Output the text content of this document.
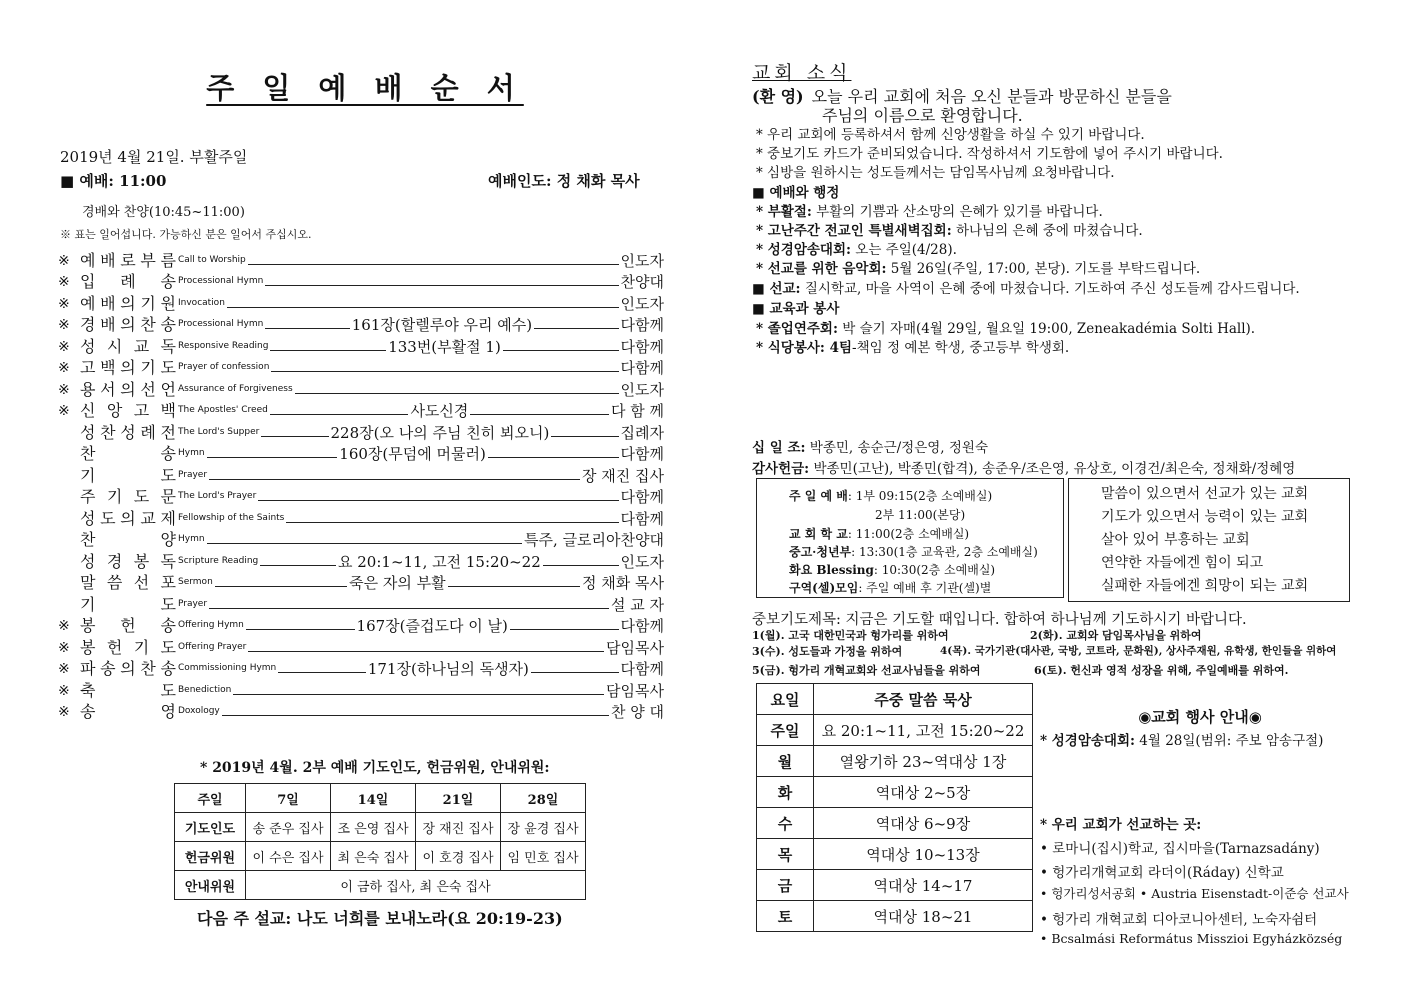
주 일 예 배 순 서
2019년 4월 21일. 부활주일
■ 예배: 11:00	예배인도: 정 채화 목사
경배와 찬양(10:45~11:00)
※ 표는 일어섭니다. 가능하신 분은 일어서 주십시오.
※ 예 배 로 부 름 Call to Worship	인도자
※ 입 례 송 Processional Hymn	찬양대
※ 예 배 의 기 원 Invocation	인도자
※ 경 배 의 찬 송 Processional Hymn	161장(할렐루야 우리 예수)	다함께
※ 성 시 교 독 Responsive Reading	133번(부활절 1)	다함께
※ 고 백 의 기 도 Prayer of confession	다함께
※ 용 서 의 선 언 Assurance of Forgiveness	인도자
※ 신 앙 고 백 The Apostles' Creed	사도신경	다 함 께
성 찬 성 례 전 The Lord's Supper	228장(오 나의 주님 친히 뵈오니)	집례자
찬	송 Hymn	160장(무덤에 머물러)	다함께
기	도 Prayer	장 재진 집사
주 기 도 문 The Lord's Prayer	다함께
성 도 의 교 제 Fellowship of the Saints	다함께
찬	양 Hymn	특주, 글로리아찬양대
성 경 봉 독 Scripture Reading	요 20:1~11, 고전 15:20~22	인도자
말 씀 선 포 Sermon	죽은 자의 부활	정 채화 목사
기	도 Prayer	설 교 자
※ 봉 헌 송 Offering Hymn	167장(즐겁도다 이 날)	다함께
※ 봉 헌 기 도 Offering Prayer	담임목사
※ 파 송 의 찬 송 Commissioning Hymn	171장(하나님의 독생자)	다함께
※ 축	도 Benediction	담임목사
※ 송	영 Doxology	찬 양 대
* 2019년 4월. 2부 예배 기도인도, 헌금위원, 안내위원:
주일	7일	14일	21일	28일
기도인도	송 준우 집사	조 은영 집사	장 재진 집사	장 윤경 집사
헌금위원	이 수은 집사	최 은숙 집사	이 호경 집사	임 민호 집사
안내위원	이 금하 집사, 최 은숙 집사			
다음 주 설교: 나도 너희를 보내노라(요 20:19-23)
교회 소식
(환 영) 오늘 우리 교회에 처음 오신 분들과 방문하신 분들을
주님의 이름으로 환영합니다.
* 우리 교회에 등록하셔서 함께 신앙생활을 하실 수 있기 바랍니다.
* 중보기도 카드가 준비되었습니다. 작성하셔서 기도함에 넣어 주시기 바랍니다.
* 심방을 원하시는 성도들께서는 담임목사님께 요청바랍니다.
■ 예배와 행정
* 부활절: 부활의 기쁨과 산소망의 은혜가 있기를 바랍니다.
* 고난주간 전교인 특별새벽집회: 하나님의 은혜 중에 마쳤습니다.
* 성경암송대회: 오는 주일(4/28).
* 선교를 위한 음악회: 5월 26일(주일, 17:00, 본당). 기도를 부탁드립니다.
■ 선교: 질시학교, 마을 사역이 은혜 중에 마쳤습니다. 기도하여 주신 성도들께 감사드립니다.
■ 교육과 봉사
* 졸업연주회: 박 슬기 자매(4월 29일, 월요일 19:00, Zeneakadémia Solti Hall).
* 식당봉사: 4팀-책임 정 예본 학생, 중고등부 학생회.
십 일 조: 박종민, 송순근/정은영, 정원숙
감사헌금: 박종민(고난), 박종민(합격), 송준우/조은영, 유상호, 이경건/최은숙, 정채화/정혜영
주 일 예 배: 1부 09:15(2층 소예배실)
2부 11:00(본당)
교 회 학 교: 11:00(2층 소예배실)
중고·청년부: 13:30(1층 교육관, 2층 소예배실)
화요 Blessing: 10:30(2층 소예배실)
구역(셀)모임: 주일 예배 후 기관(셀)별
말씀이 있으면서 선교가 있는 교회
기도가 있으면서 능력이 있는 교회
살아 있어 부흥하는 교회
연약한 자들에겐 힘이 되고
실패한 자들에겐 희망이 되는 교회
중보기도제목: 지금은 기도할 때입니다. 합하여 하나님께 기도하시기 바랍니다.
1(월). 고국 대한민국과 헝가리를 위하여	2(화). 교회와 담임목사님을 위하여
3(수). 성도들과 가정을 위하여	4(목). 국가기관(대사관, 국방, 코트라, 문화원), 상사주재원, 유학생, 한인들을 위하여
5(금). 헝가리 개혁교회와 선교사님들을 위하여	6(토). 헌신과 영적 성장을 위해, 주일예배를 위하여.
요일	주중 말씀 묵상
주일	요 20:1~11, 고전 15:20~22
월	열왕기하 23~역대상 1장
화	역대상 2~5장
수	역대상 6~9장
목	역대상 10~13장
금	역대상 14~17
토	역대상 18~21
◉교회 행사 안내◉
* 성경암송대회: 4월 28일(범위: 주보 암송구절)
* 우리 교회가 선교하는 곳:
• 로마니(집시)학교, 집시마을(Tarnazsadány)
• 헝가리개혁교회 라더이(Ráday) 신학교
• 헝가리성서공회 • Austria Eisenstadt-이준승 선교사
• 헝가리 개혁교회 디아코니아센터, 노숙자쉼터
• Bcsalmási Református Misszioi Egyházközség
